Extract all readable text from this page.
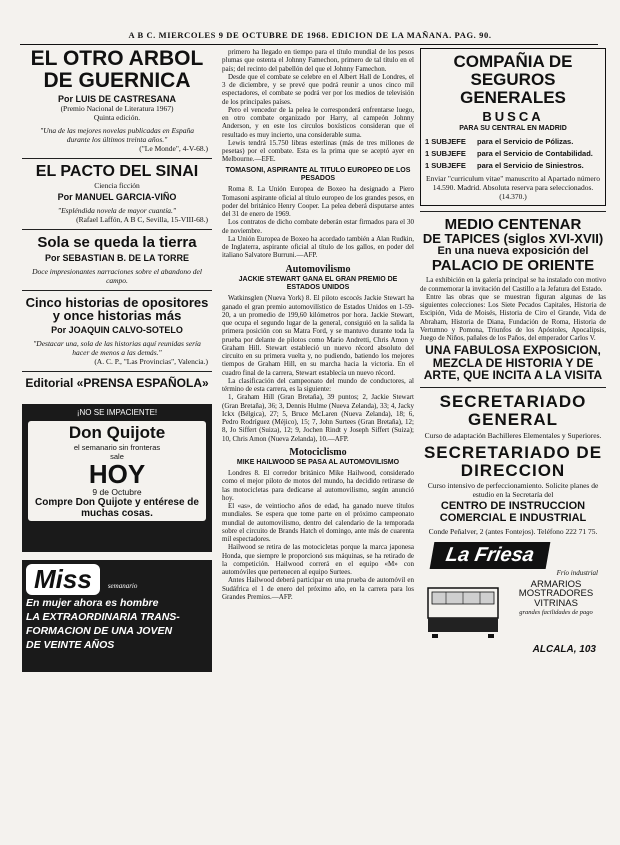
A B C. MIERCOLES 9 DE OCTUBRE DE 1968. EDICION DE LA MAÑANA. PAG. 90.
EL OTRO ARBOL DE GUERNICA
Por LUIS DE CASTRESANA
(Premio Nacional de Literatura 1967)
Quinta edición.
"Una de las mejores novelas publicadas en España durante los últimos treinta años."
("Le Monde", 4-V-68.)
EL PACTO DEL SINAI
Ciencia ficción
Por MANUEL GARCIA-VIÑO
"Espléndida novela de mayor cuantía."
(Rafael Laffón, A B C, Sevilla, 15-VIII-68.)
Sola se queda la tierra
Por SEBASTIAN B. DE LA TORRE
Doce impresionantes narraciones sobre el abandono del campo.
Cinco historias de opositores y once historias más
Por JOAQUIN CALVO-SOTELO
"Destacar una, sola de las historias aquí reunidas sería hacer de menos a las demás."
(A. C. P., "Las Provincias", Valencia.)
Editorial «PRENSA ESPAÑOLA»
¡NO SE IMPACIENTE!
Don Quijote
el semanario sin fronteras
sale
HOY
9 de Octubre
Compre Don Quijote y entérese de muchas cosas.
Miss semanario
En mujer ahora es hombre
LA EXTRAORDINARIA TRANS-
FORMACION DE UNA JOVEN
DE VEINTE AÑOS

primero ha llegado en tiempo para el título mundial de los pesos plumas que ostenta el Johnny Famechon, primero de tal título en el país; del recinto del pabellón del que el Johnny Famechon.

Desde que el combate se celebre en el Albert Hall de Londres, el 3 de diciembre, y se prevé que podrá reunir a unos cinco mil espectadores, el combate se podrá ver por los medios de televisión de los principales países.

Pero el vencedor de la pelea le corresponderá enfrentarse luego, en otro combate organizado por Harry, al campeón Johnny Anderson, y en este los círculos boxísticos consideran que el resultado es muy incierto, una considerable suma.

Lewis tendrá 15.750 libras esterlinas (más de tres millones de pesetas) por el combate. Esta es la prima que se aceptó ayer en Melbourne.—EFE.

TOMASONI, ASPIRANTE AL TITULO EUROPEO DE LOS PESADOS

Roma 8. La Unión Europea de Boxeo ha designado a Piero Tomasoni aspirante oficial al título europeo de los grandes pesos, en poder del británico Henry Cooper. La pelea deberá disputarse antes del 31 de enero de 1969.

Los contratos de dicho combate deberán estar firmados para el 30 de noviembre.

La Unión Europea de Boxeo ha acordado también a Alan Rudkin, de Inglaterra, aspirante oficial al título de los gallos, en poder del italiano Salvatore Burruni.—AFP.

Automovilismo
JACKIE STEWART GANA EL GRAN PREMIO DE ESTADOS UNIDOS

Watkinsglen (Nueva York) 8. El piloto escocés Jackie Stewart ha ganado el gran premio automovilístico de Estados Unidos en 1-59-20, a un promedio de 199,60 kilómetros por hora. Jackie Stewart, que ocupa el segundo lugar de la general, consiguió en la salida la primera posición con su Matra Ford, y se mantuvo durante toda la prueba por delante de pilotos como Mario Andretti, Chris Amon y Graham Hill. Stewart estableció un nuevo récord absoluto del circuito en su primera vuelta y, no pudiendo, batiendo los mejores tiempos de Graham Hill, en su marcha hacia la victoria. En el cuadro final de la carrera, Stewart establecía un nuevo récord.

La clasificación del campeonato del mundo de conductores, al término de esta carrera, es la siguiente:

1, Graham Hill (Gran Bretaña), 39 puntos; 2, Jackie Stewart (Gran Bretaña), 36; 3, Dennis Hulme (Nueva Zelanda), 33; 4, Jacky Ickx (Bélgica), 27; 5, Bruce McLaren (Nueva Zelanda), 18; 6, Pedro Rodríguez (Méjico), 15; 7, John Surtees (Gran Bretaña), 12; 8, Jo Siffert (Suiza), 12; 9, Jochen Rindt y Joseph Siffert (Suiza); 10, Chris Amon (Nueva Zelanda), 10.—AFP.

Motociclismo
MIKE HAILWOOD SE PASA AL AUTOMOVILISMO

Londres 8. El corredor británico Mike Hailwood, considerado como el mejor piloto de motos del mundo, ha decidido retirarse de las motocicletas para dedicarse al automovilismo, según anunció hoy.

El «as», de veintiocho años de edad, ha ganado nueve títulos mundiales. Se espera que tome parte en el próximo campeonato mundial de automovilismo, dentro del calendario de la temporada sobre el circuito de Brands Hatch el domingo, ante más de cuarenta mil espectadores.

Hailwood se retira de las motocicletas porque la marca japonesa Honda, que siempre le proporcionó sus máquinas, se ha retirado de la competición. Hailwood correrá en el equipo «M» con automóviles que pertenecen al equipo Surtees.

Antes Hailwood deberá participar en una prueba de automóvil en Sudáfrica el 1 de enero del próximo año, en la carrera para los Grandes Premios.—AFP.

COMPAÑIA DE SEGUROS GENERALES
BUSCA
PARA SU CENTRAL EN MADRID
1 SUBJEFE	para el Servicio de Pólizas.
1 SUBJEFE	para el Servicio de Contabilidad.
1 SUBJEFE	para el Servicio de Siniestros.
Enviar "curriculum vitae" manuscrito al Apartado número 14.590. Madrid. Absoluta reserva para seleccionados. (14.370.)
MEDIO CENTENAR
DE TAPICES (siglos XVI-XVII)
En una nueva exposición del
PALACIO DE ORIENTE

La exhibición en la galería principal se ha instalado con motivo de conmemorar la invitación del Castillo a la Jefatura del Estado.

Entre las obras que se muestran figuran algunas de las siguientes colecciones: Los Siete Pecados Capitales, Historia de Escipión, Vida de Moisés, Historia de Ciro el Grande, Vida de Abraham, Historia de Diana, Fundación de Roma, Historia de Vertumno y Pomona, Triunfos de los Apóstoles, Apocalipsis, Juego de Niños, pañales de los Paños, del emperador Carlos V.

UNA FABULOSA EXPOSICION, MEZCLA DE HISTORIA Y DE ARTE, QUE INCITA A LA VISITA
SECRETARIADO GENERAL
Curso de adaptación Bachilleres Elementales y Superiores.
SECRETARIADO DE DIRECCION
Curso intensivo de perfeccionamiento. Solicite planes de estudio en la Secretaría del
CENTRO DE INSTRUCCION COMERCIAL E INDUSTRIAL
Conde Peñalver, 2 (antes Fontejos). Teléfono 222 71 75.
La Friesa
Frío industrial
ARMARIOS
MOSTRADORES
VITRINAS
grandes facilidades de pago
ALCALA, 103
